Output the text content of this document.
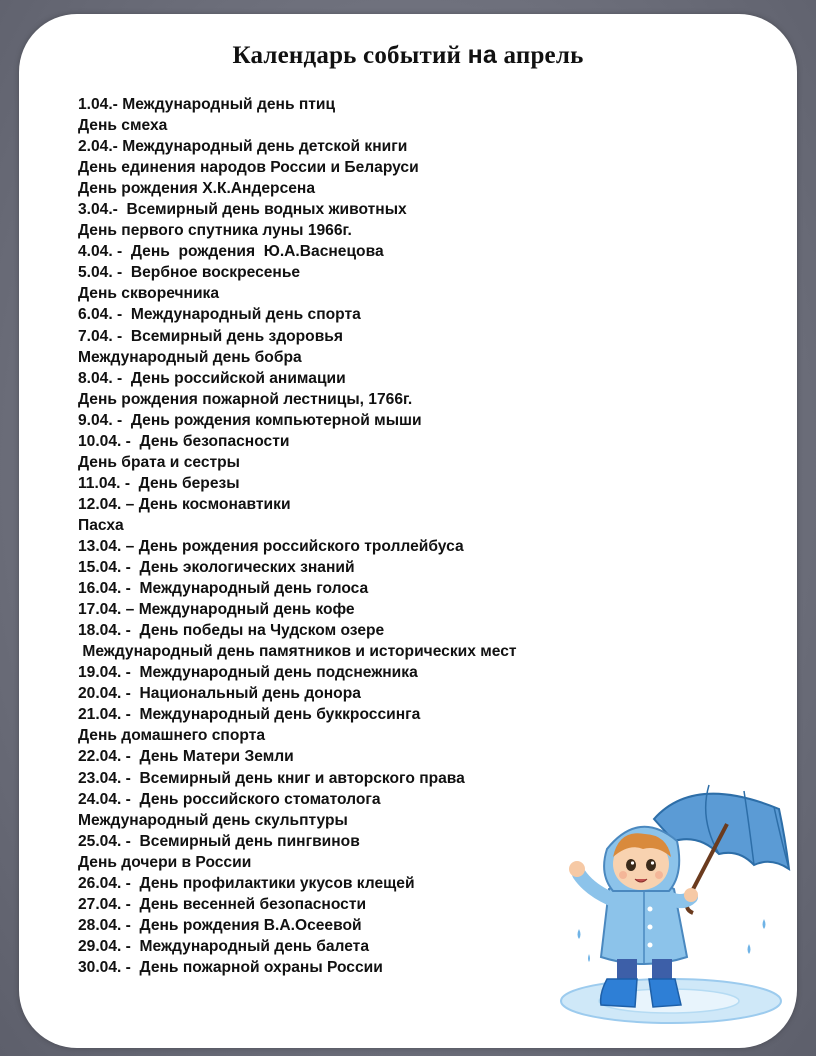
Календарь событий на апрель
1.04.- Международный день птиц
День смеха
2.04.- Международный день детской книги
День единения народов России и Беларуси
День рождения Х.К.Андерсена
3.04.-  Всемирный день водных животных
День первого спутника луны 1966г.
4.04. -  День  рождения  Ю.А.Васнецова
5.04. -  Вербное воскресенье
День скворечника
6.04. -  Международный день спорта
7.04. -  Всемирный день здоровья
Международный день бобра
8.04. -  День российской анимации
День рождения пожарной лестницы, 1766г.
9.04. -  День рождения компьютерной мыши
10.04. -  День безопасности
День брата и сестры
11.04. -  День березы
12.04. – День космонавтики
Пасха
13.04. – День рождения российского троллейбуса
15.04. -  День экологических знаний
16.04. -  Международный день голоса
17.04. – Международный день кофе
18.04. -  День победы на Чудском озере
Международный день памятников и исторических мест
19.04. -  Международный день подснежника
20.04. -  Национальный день донора
21.04. -  Международный день буккроссинга
День домашнего спорта
22.04. -  День Матери Земли
23.04. -  Всемирный день книг и авторского права
24.04. -  День российского стоматолога
Международный день скульптуры
25.04. -  Всемирный день пингвинов
День дочери в России
26.04. -  День профилактики укусов клещей
27.04. -  День весенней безопасности
28.04. -  День рождения В.А.Осеевой
29.04. -  Международный день балета
30.04. -  День пожарной охраны России
